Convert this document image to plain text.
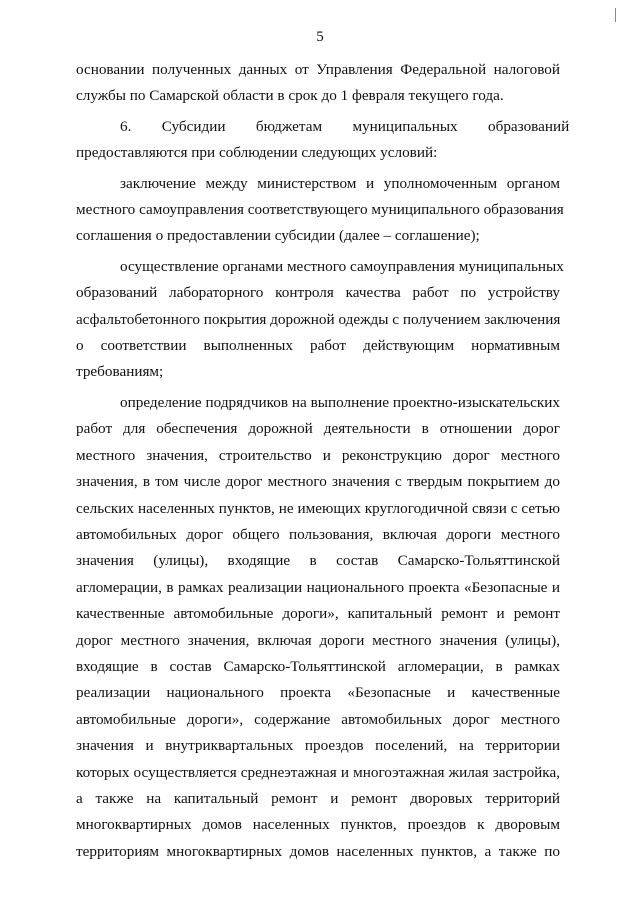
5
основании полученных данных от Управления Федеральной налоговой
службы по Самарской области в срок до 1 февраля текущего года.
6.        Субсидии        бюджетам        муниципальных        образований
предоставляются при соблюдении следующих условий:
заключение между министерством и уполномоченным органом
местного самоуправления соответствующего муниципального образования
соглашения о предоставлении субсидии (далее – соглашение);
осуществление органами местного самоуправления муниципальных
образований лабораторного контроля качества работ по устройству
асфальтобетонного покрытия дорожной одежды с получением заключения
о соответствии выполненных работ действующим нормативным
требованиям;
определение подрядчиков на выполнение проектно-изыскательских
работ для обеспечения дорожной деятельности в отношении дорог
местного значения, строительство и реконструкцию дорог местного
значения, в том числе дорог местного значения с твердым покрытием до
сельских населенных пунктов, не имеющих круглогодичной связи с сетью
автомобильных дорог общего пользования, включая дороги местного
значения (улицы), входящие в состав Самарско-Тольяттинской
агломерации, в рамках реализации национального проекта «Безопасные и
качественные автомобильные дороги», капитальный ремонт и ремонт
дорог местного значения, включая дороги местного значения (улицы),
входящие в состав Самарско-Тольяттинской агломерации, в рамках
реализации национального проекта «Безопасные и качественные
автомобильные дороги», содержание автомобильных дорог местного
значения и внутриквартальных проездов поселений, на территории
которых осуществляется среднеэтажная и многоэтажная жилая застройка,
а также на капитальный ремонт и ремонт дворовых территорий
многоквартирных домов населенных пунктов, проездов к дворовым
территориям многоквартирных домов населенных пунктов, а также по
